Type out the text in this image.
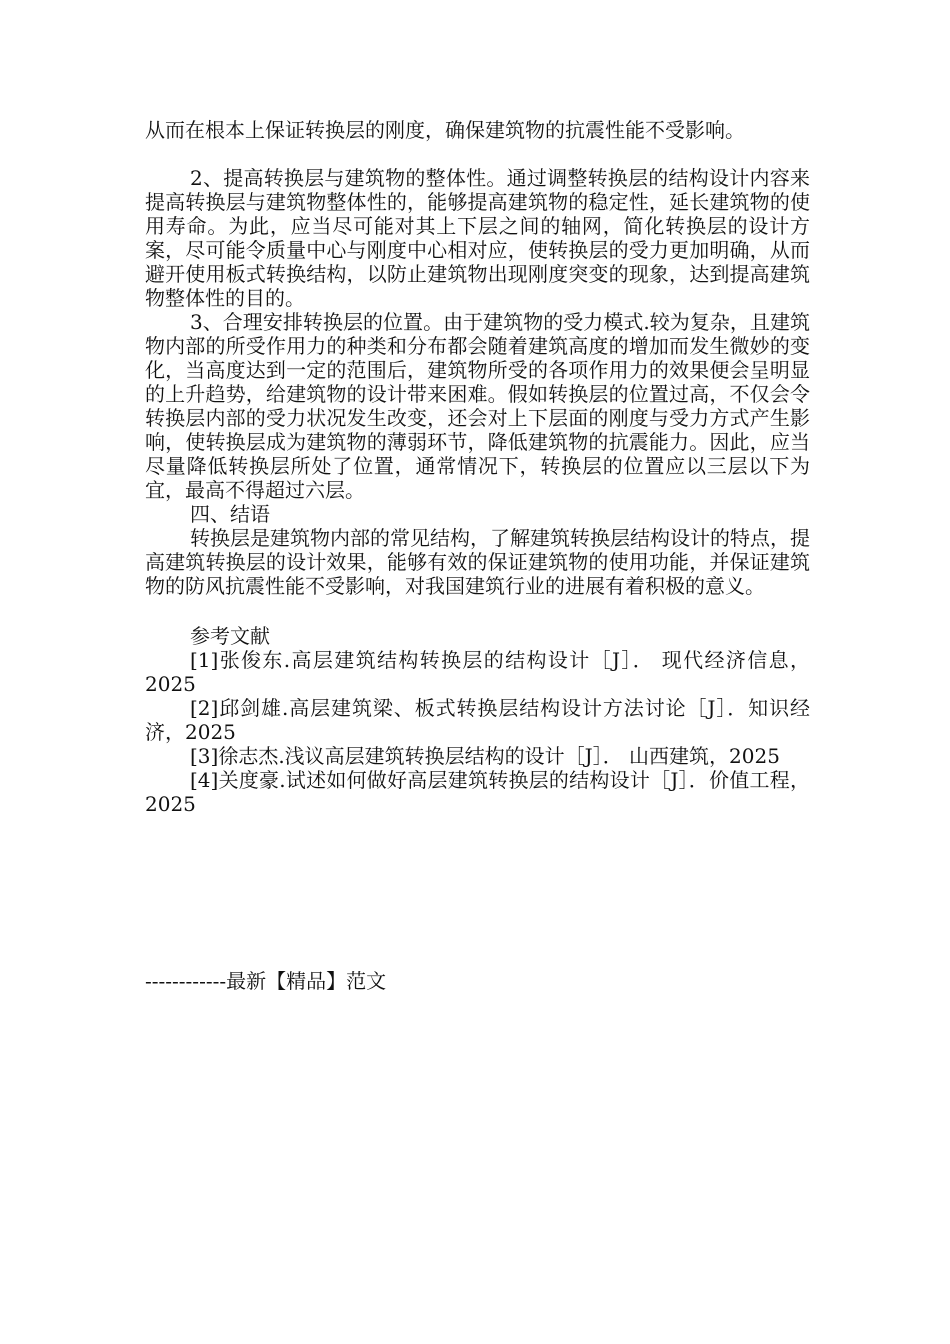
从而在根本上保证转换层的刚度，确保建筑物的抗震性能不受影响。

2、提高转换层与建筑物的整体性。通过调整转换层的结构设计内容来提高转换层与建筑物整体性的，能够提高建筑物的稳定性，延长建筑物的使用寿命。为此，应当尽可能对其上下层之间的轴网，简化转换层的设计方案，尽可能令质量中心与刚度中心相对应，使转换层的受力更加明确，从而避开使用板式转换结构，以防止建筑物出现刚度突变的现象，达到提高建筑物整体性的目的。

3、合理安排转换层的位置。由于建筑物的受力模式.较为复杂，且建筑物内部的所受作用力的种类和分布都会随着建筑高度的增加而发生微妙的变化，当高度达到一定的范围后，建筑物所受的各项作用力的效果便会呈明显的上升趋势，给建筑物的设计带来困难。假如转换层的位置过高，不仅会令转换层内部的受力状况发生改变，还会对上下层面的刚度与受力方式产生影响，使转换层成为建筑物的薄弱环节，降低建筑物的抗震能力。因此，应当尽量降低转换层所处了位置，通常情况下，转换层的位置应以三层以下为宜，最高不得超过六层。

四、结语

转换层是建筑物内部的常见结构，了解建筑转换层结构设计的特点，提高建筑转换层的设计效果，能够有效的保证建筑物的使用功能，并保证建筑物的防风抗震性能不受影响，对我国建筑行业的进展有着积极的意义。

参考文献

[1]张俊东.高层建筑结构转换层的结构设计［J］． 现代经济信息，2025

[2]邱剑雄.高层建筑梁、板式转换层结构设计方法讨论［J］．知识经济，2025

[3]徐志杰.浅议高层建筑转换层结构的设计［J］． 山西建筑，2025

[4]关度豪.试述如何做好高层建筑转换层的结构设计［J］．价值工程，2025

------------最新【精品】范文
